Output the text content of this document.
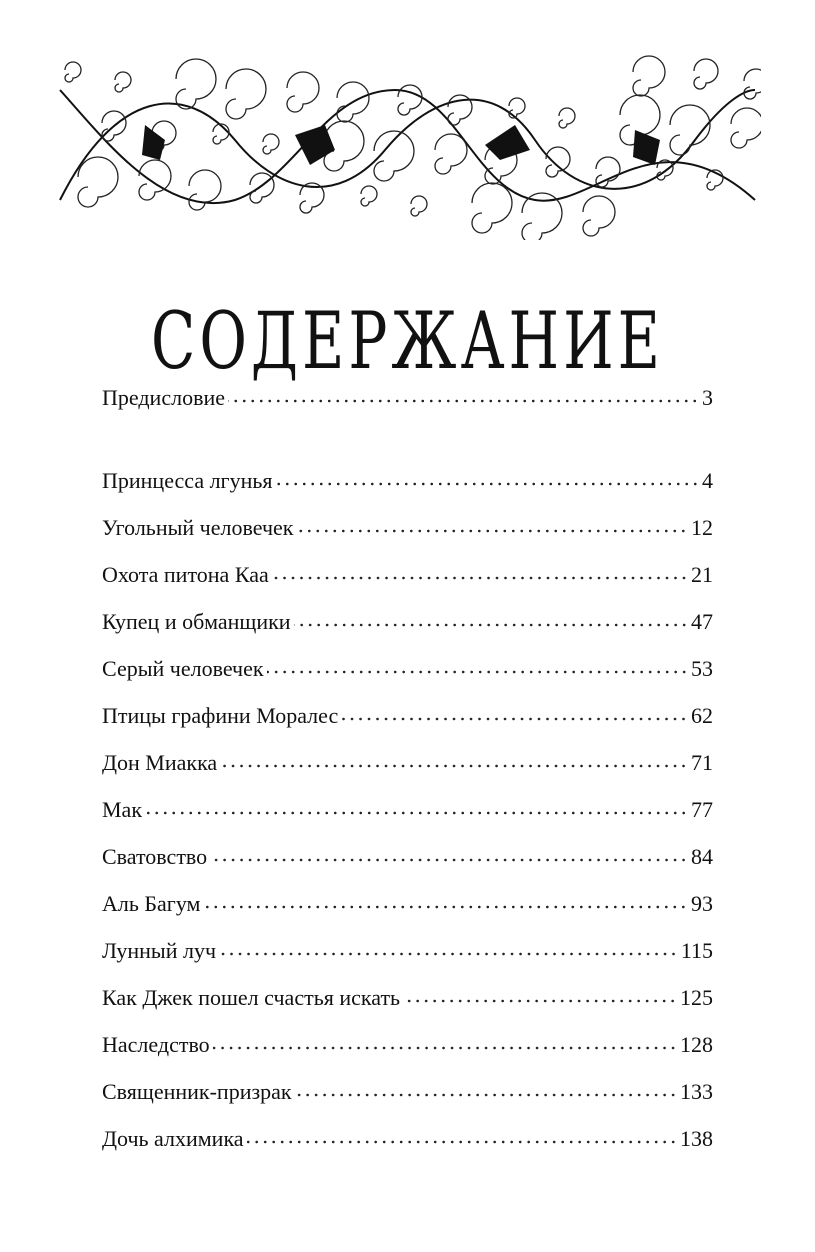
СОДЕРЖАНИЕ
Предисловие	3
Принцесса лгунья	4
Угольный человечек	12
Охота питона Каа	21
Купец и обманщики	47
Серый человечек	53
Птицы графини Моралес	62
Дон Миакка	71
Мак	77
Сватовство	84
Аль Багум	93
Лунный луч	115
Как Джек пошел счастья искать	125
Наследство	128
Священник-призрак	133
Дочь алхимика	138
